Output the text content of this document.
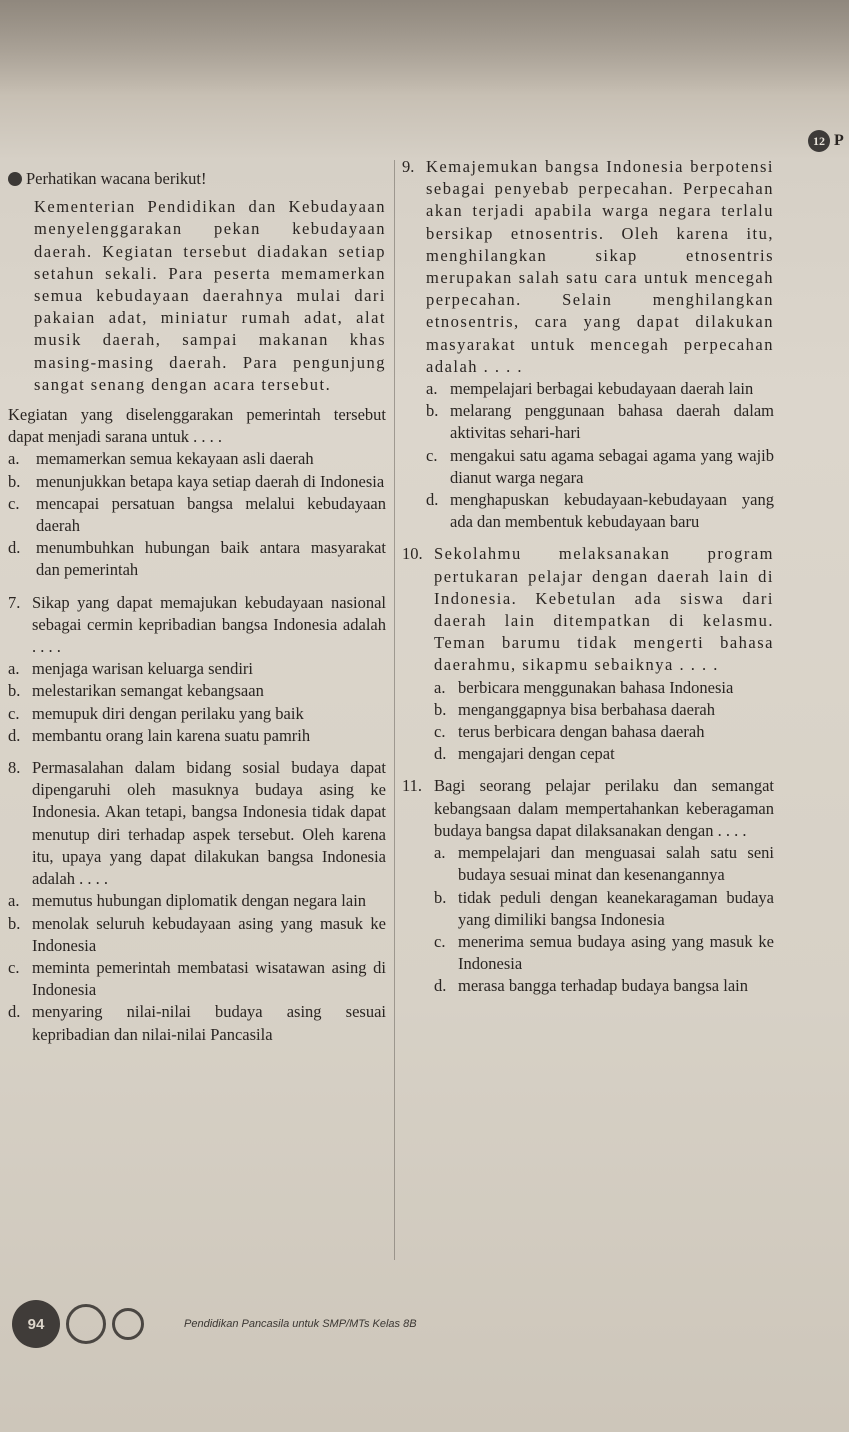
12 P
Perhatikan wacana berikut!
Kementerian Pendidikan dan Kebudayaan menyelenggarakan pekan kebudayaan daerah. Kegiatan tersebut diadakan setiap setahun sekali. Para peserta memamerkan semua kebudayaan daerahnya mulai dari pakaian adat, miniatur rumah adat, alat musik daerah, sampai makanan khas masing-masing daerah. Para pengunjung sangat senang dengan acara tersebut.
Kegiatan yang diselenggarakan pemerintah tersebut dapat menjadi sarana untuk . . . .
a.	memamerkan semua kekayaan asli daerah
b. menunjukkan betapa kaya setiap daerah di Indonesia
c.	mencapai persatuan bangsa melalui kebudayaan daerah
d. menumbuhkan hubungan baik antara masyarakat dan pemerintah
7. Sikap yang dapat memajukan kebudayaan nasional sebagai cermin kepribadian bangsa Indonesia adalah . . . .
a. menjaga warisan keluarga sendiri
b. melestarikan semangat kebangsaan
c. memupuk diri dengan perilaku yang baik
d. membantu orang lain karena suatu pamrih
8. Permasalahan dalam bidang sosial budaya dapat dipengaruhi oleh masuknya budaya asing ke Indonesia. Akan tetapi, bangsa Indonesia tidak dapat menutup diri terhadap aspek tersebut. Oleh karena itu, upaya yang dapat dilakukan bangsa Indonesia adalah . . . .
a. memutus hubungan diplomatik dengan negara lain
b. menolak seluruh kebudayaan asing yang masuk ke Indonesia
c. meminta pemerintah membatasi wisatawan asing di Indonesia
d. menyaring nilai-nilai budaya asing sesuai kepribadian dan nilai-nilai Pancasila
9. Kemajemukan bangsa Indonesia berpotensi sebagai penyebab perpecahan. Perpecahan akan terjadi apabila warga negara terlalu bersikap etnosentris. Oleh karena itu, menghilangkan sikap etnosentris merupakan salah satu cara untuk mencegah perpecahan. Selain menghilangkan etnosentris, cara yang dapat dilakukan masyarakat untuk mencegah perpecahan adalah . . . .
a. mempelajari berbagai kebudayaan daerah lain
b. melarang penggunaan bahasa daerah dalam aktivitas sehari-hari
c. mengakui satu agama sebagai agama yang wajib dianut warga negara
d. menghapuskan kebudayaan-kebudayaan yang ada dan membentuk kebudayaan baru
10. Sekolahmu melaksanakan program pertukaran pelajar dengan daerah lain di Indonesia. Kebetulan ada siswa dari daerah lain ditempatkan di kelasmu. Teman barumu tidak mengerti bahasa daerahmu, sikapmu sebaiknya . . . .
a. berbicara menggunakan bahasa Indonesia
b. menganggapnya bisa berbahasa daerah
c. terus berbicara dengan bahasa daerah
d. mengajari dengan cepat
11. Bagi seorang pelajar perilaku dan semangat kebangsaan dalam mempertahankan keberagaman budaya bangsa dapat dilaksanakan dengan . . . .
a. mempelajari dan menguasai salah satu seni budaya sesuai minat dan kesenangannya
b. tidak peduli dengan keanekaragaman budaya yang dimiliki bangsa Indonesia
c. menerima semua budaya asing yang masuk ke Indonesia
d. merasa bangga terhadap budaya bangsa lain
94	Pendidikan Pancasila untuk SMP/MTs Kelas 8B
